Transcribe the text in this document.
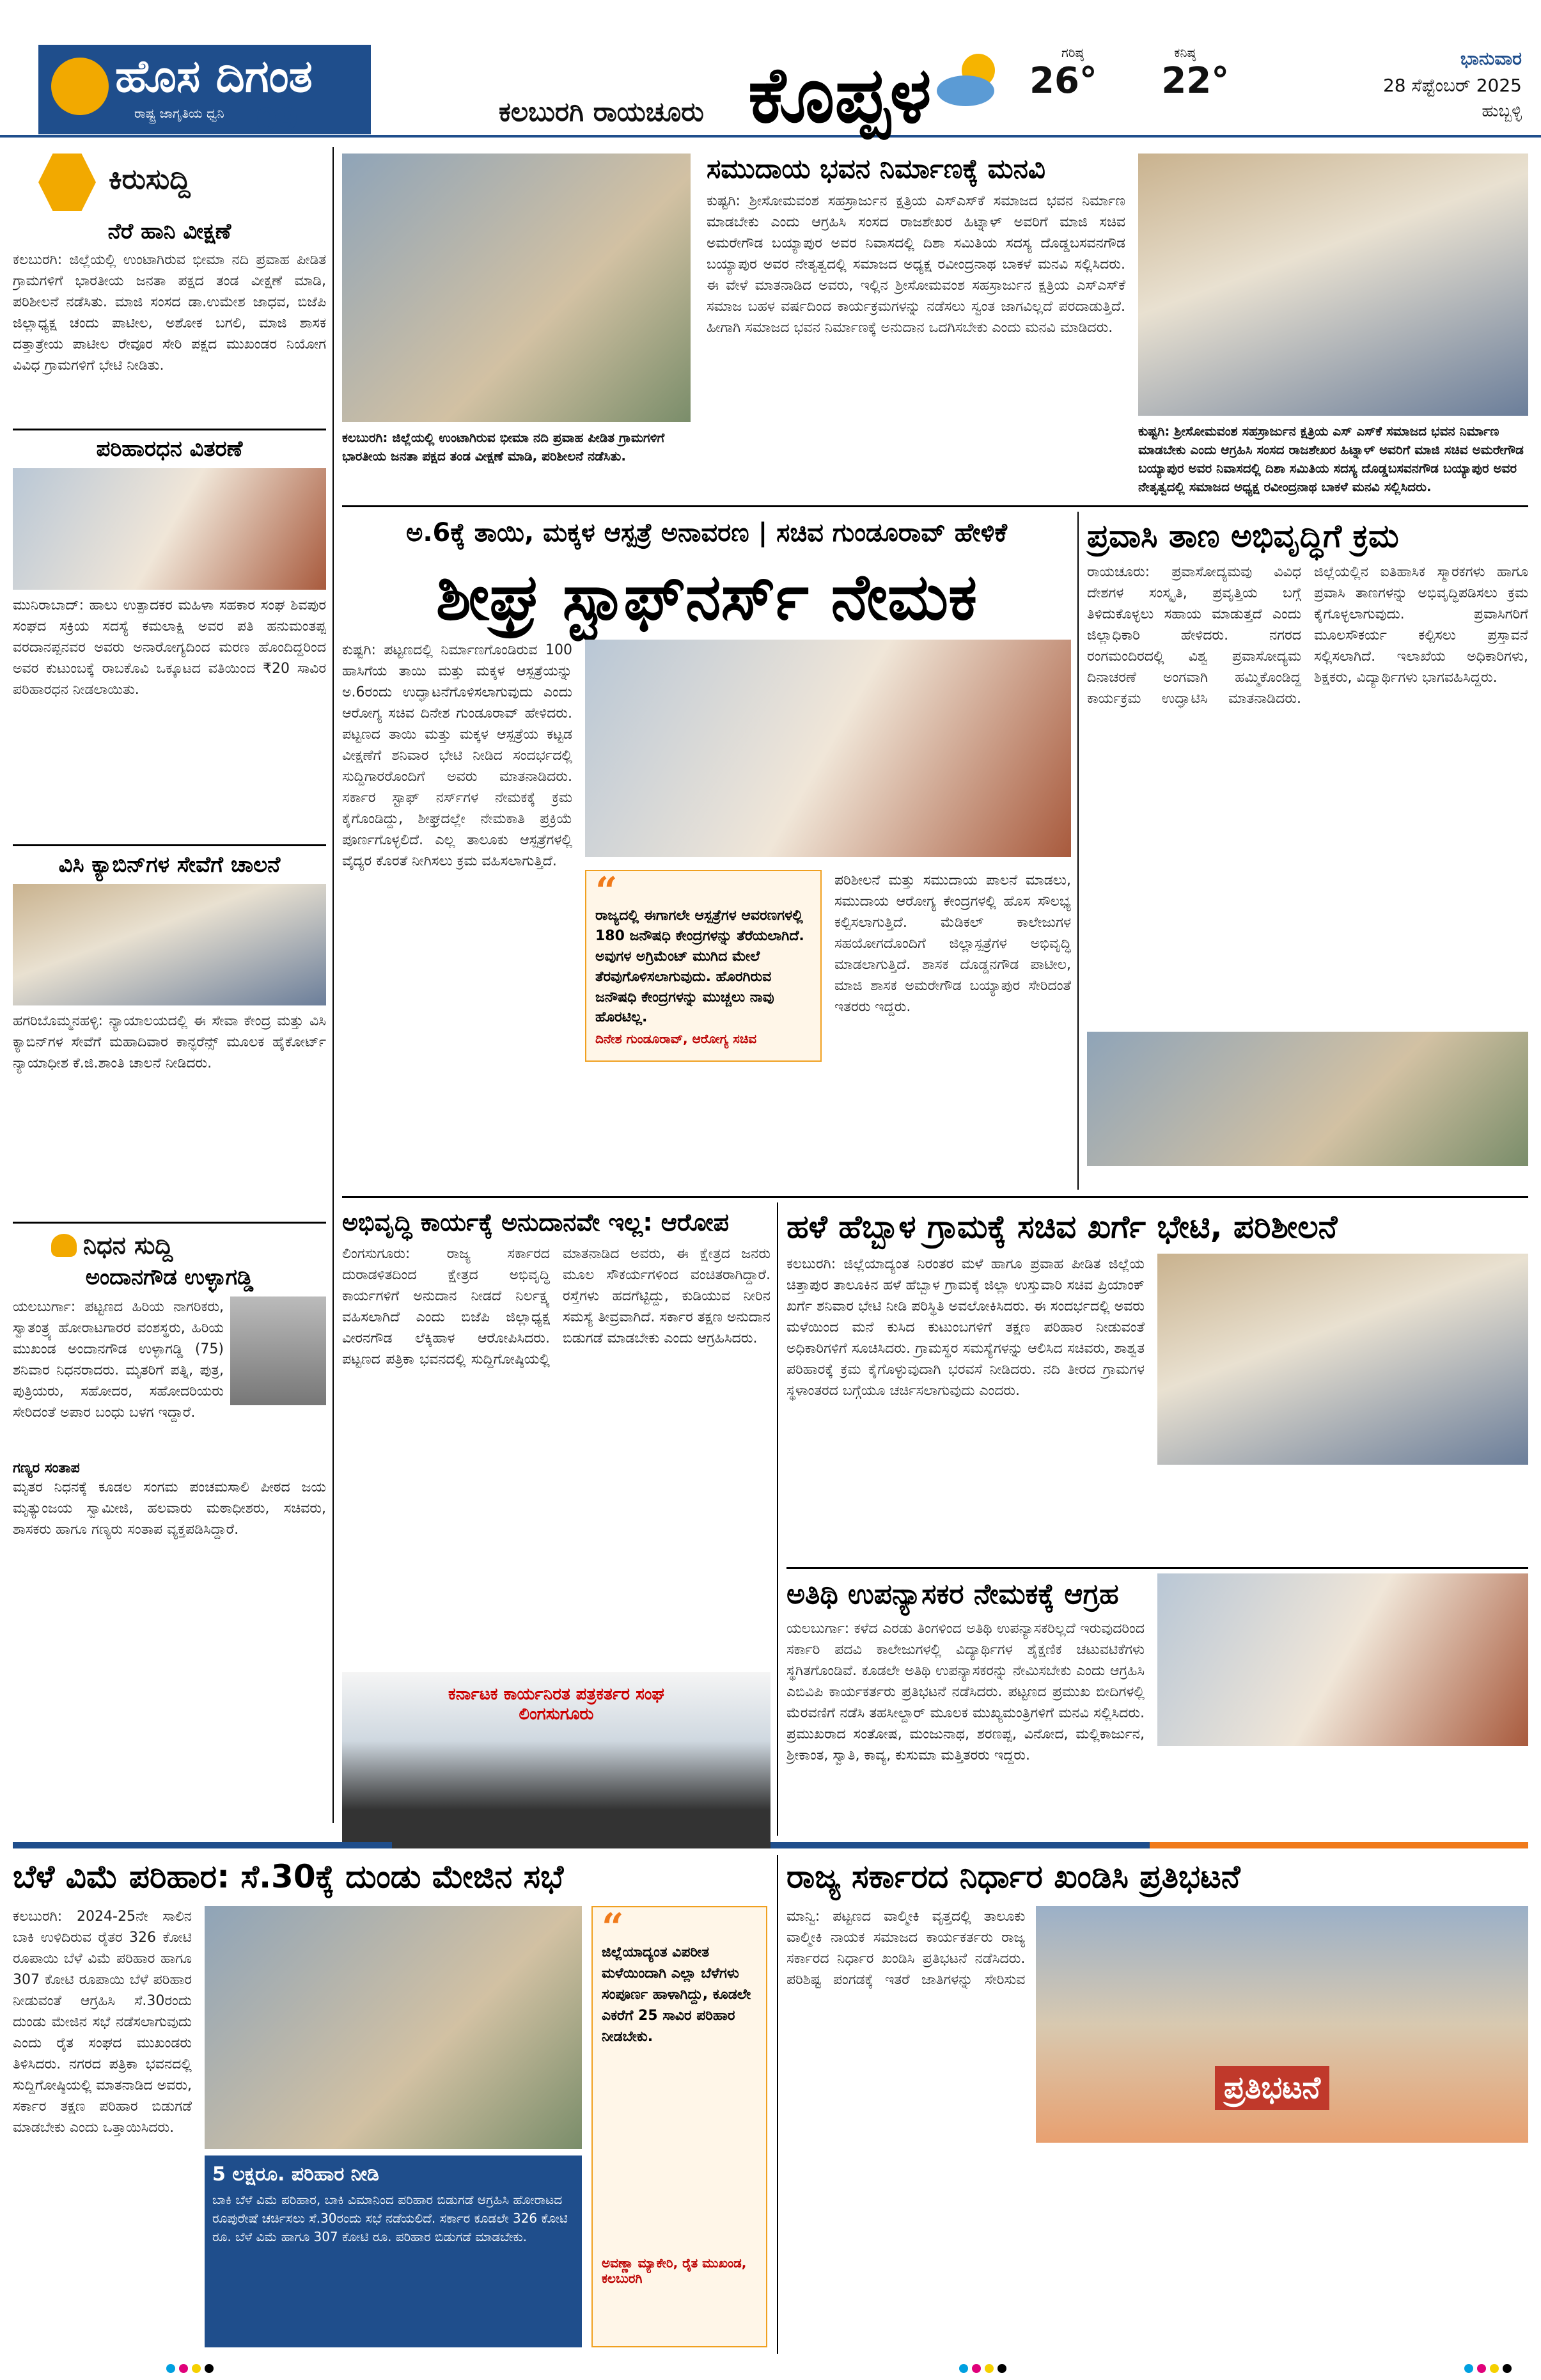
ಹೊಸ ದಿಗಂತ
ರಾಷ್ಟ್ರ ಜಾಗೃತಿಯ ಧ್ವನಿ 09	ಕಲಬುರಗಿ ರಾಯಚೂರು ಕೊಪ್ಪಳ	ಗರಿಷ್ಠ
26°

ಕನಿಷ್ಠ
22°
ಭಾನುವಾರ
28 ಸೆಪ್ಟೆಂಬರ್ 2025
ಹುಬ್ಬಳ್ಳಿ
ಕಿರುಸುದ್ದಿ
ನೆರೆ ಹಾನಿ ವೀಕ್ಷಣೆ
ಕಲಬುರಗಿ: ಜಿಲ್ಲೆಯಲ್ಲಿ ಉಂಟಾಗಿರುವ ಭೀಮಾ ನದಿ ಪ್ರವಾಹ ಪೀಡಿತ ಗ್ರಾಮಗಳಿಗೆ ಭಾರತೀಯ ಜನತಾ ಪಕ್ಷದ ತಂಡ ವೀಕ್ಷಣೆ ಮಾಡಿ, ಪರಿಶೀಲನೆ ನಡೆಸಿತು. ಮಾಜಿ ಸಂಸದ ಡಾ.ಉಮೇಶ ಜಾಧವ, ಬಿಜೆಪಿ ಜಿಲ್ಲಾಧ್ಯಕ್ಷ ಚಂದು ಪಾಟೀಲ, ಅಶೋಕ ಬಗಲಿ, ಮಾಜಿ ಶಾಸಕ ದತ್ತಾತ್ರೇಯ ಪಾಟೀಲ ರೇವೂರ ಸೇರಿ ಪಕ್ಷದ ಮುಖಂಡರ ನಿಯೋಗ ವಿವಿಧ ಗ್ರಾಮಗಳಿಗೆ ಭೇಟಿ ನೀಡಿತು.
ಪರಿಹಾರಧನ ವಿತರಣೆ
ಮುನಿರಾಬಾದ್: ಹಾಲು ಉತ್ಪಾದಕರ ಮಹಿಳಾ ಸಹಕಾರ ಸಂಘ ಶಿವಪುರ ಸಂಘದ ಸಕ್ರಿಯ ಸದಸ್ಯೆ ಕಮಲಾಕ್ಷಿ ಅವರ ಪತಿ ಹನುಮಂತಪ್ಪ ವರದಾನಪ್ಪನವರ ಅವರು ಅನಾರೋಗ್ಯದಿಂದ ಮರಣ ಹೊಂದಿದ್ದರಿಂದ ಅವರ ಕುಟುಂಬಕ್ಕೆ ರಾಬಕೊವಿ ಒಕ್ಕೂಟದ ವತಿಯಿಂದ ₹20 ಸಾವಿರ ಪರಿಹಾರಧನ ನೀಡಲಾಯಿತು.
ವಿಸಿ ಕ್ಯಾಬಿನ್‌ಗಳ ಸೇವೆಗೆ ಚಾಲನೆ
ಹಗರಿಬೊಮ್ಮನಹಳ್ಳಿ: ನ್ಯಾಯಾಲಯದಲ್ಲಿ ಈ ಸೇವಾ ಕೇಂದ್ರ ಮತ್ತು ವಿಸಿ ಕ್ಯಾಬಿನ್‌ಗಳ ಸೇವೆಗೆ ಮಹಾದಿವಾರ ಕಾನ್ಫರೆನ್ಸ್ ಮೂಲಕ ಹೈಕೋರ್ಟ್ ನ್ಯಾಯಾಧೀಶ ಕೆ.ಜಿ.ಶಾಂತಿ ಚಾಲನೆ ನೀಡಿದರು.
ನಿಧನ ಸುದ್ದಿ
ಅಂದಾನಗೌಡ ಉಳ್ಳಾಗಡ್ಡಿ
ಯಲಬುರ್ಗಾ: ಪಟ್ಟಣದ ಹಿರಿಯ ನಾಗರಿಕರು, ಸ್ವಾತಂತ್ರ್ಯ ಹೋರಾಟಗಾರರ ವಂಶಸ್ಥರು, ಹಿರಿಯ ಮುಖಂಡ ಅಂದಾನಗೌಡ ಉಳ್ಳಾಗಡ್ಡಿ (75) ಶನಿವಾರ ನಿಧನರಾದರು. ಮೃತರಿಗೆ ಪತ್ನಿ, ಪುತ್ರ, ಪುತ್ರಿಯರು, ಸಹೋದರ, ಸಹೋದರಿಯರು ಸೇರಿದಂತೆ ಅಪಾರ ಬಂಧು ಬಳಗ ಇದ್ದಾರೆ.
ಗಣ್ಯರ ಸಂತಾಪ
ಮೃತರ ನಿಧನಕ್ಕೆ ಕೂಡಲ ಸಂಗಮ ಪಂಚಮಸಾಲಿ ಪೀಠದ ಜಯ ಮೃತ್ಯುಂಜಯ ಸ್ವಾಮೀಜಿ, ಹಲವಾರು ಮಠಾಧೀಶರು, ಸಚಿವರು, ಶಾಸಕರು ಹಾಗೂ ಗಣ್ಯರು ಸಂತಾಪ ವ್ಯಕ್ತಪಡಿಸಿದ್ದಾರೆ.
ಕಲಬುರಗಿ: ಜಿಲ್ಲೆಯಲ್ಲಿ ಉಂಟಾಗಿರುವ ಭೀಮಾ ನದಿ ಪ್ರವಾಹ ಪೀಡಿತ ಗ್ರಾಮಗಳಿಗೆ ಭಾರತೀಯ ಜನತಾ ಪಕ್ಷದ ತಂಡ ವೀಕ್ಷಣೆ ಮಾಡಿ, ಪರಿಶೀಲನೆ ನಡೆಸಿತು.
ಸಮುದಾಯ ಭವನ ನಿರ್ಮಾಣಕ್ಕೆ ಮನವಿ
ಕುಷ್ಟಗಿ: ಶ್ರೀಸೋಮವಂಶ ಸಹಸ್ರಾರ್ಜುನ ಕ್ಷತ್ರಿಯ ಎಸ್‌ಎಸ್‌ಕೆ ಸಮಾಜದ ಭವನ ನಿರ್ಮಾಣ ಮಾಡಬೇಕು ಎಂದು ಆಗ್ರಹಿಸಿ ಸಂಸದ ರಾಜಶೇಖರ ಹಿಟ್ನಾಳ್ ಅವರಿಗೆ ಮಾಜಿ ಸಚಿವ ಅಮರೇಗೌಡ ಬಯ್ಯಾಪುರ ಅವರ ನಿವಾಸದಲ್ಲಿ ದಿಶಾ ಸಮಿತಿಯ ಸದಸ್ಯ ದೊಡ್ಡಬಸವನಗೌಡ ಬಯ್ಯಾಪುರ ಅವರ ನೇತೃತ್ವದಲ್ಲಿ ಸಮಾಜದ ಅಧ್ಯಕ್ಷ ರವೀಂದ್ರನಾಥ ಬಾಕಳೆ ಮನವಿ ಸಲ್ಲಿಸಿದರು. ಈ ವೇಳೆ ಮಾತನಾಡಿದ ಅವರು, ಇಲ್ಲಿನ ಶ್ರೀಸೋಮವಂಶ ಸಹಸ್ರಾರ್ಜುನ ಕ್ಷತ್ರಿಯ ಎಸ್‌ಎಸ್‌ಕೆ ಸಮಾಜ ಬಹಳ ವರ್ಷದಿಂದ ಕಾರ್ಯಕ್ರಮಗಳನ್ನು ನಡೆಸಲು ಸ್ವಂತ ಜಾಗವಿಲ್ಲದೆ ಪರದಾಡುತ್ತಿದೆ. ಹೀಗಾಗಿ ಸಮಾಜದ ಭವನ ನಿರ್ಮಾಣಕ್ಕೆ ಅನುದಾನ ಒದಗಿಸಬೇಕು ಎಂದು ಮನವಿ ಮಾಡಿದರು.
ಕುಷ್ಟಗಿ: ಶ್ರೀಸೋಮವಂಶ ಸಹಸ್ರಾರ್ಜುನ ಕ್ಷತ್ರಿಯ ಎಸ್ ಎಸ್‌ಕೆ ಸಮಾಜದ ಭವನ ನಿರ್ಮಾಣ ಮಾಡಬೇಕು ಎಂದು ಆಗ್ರಹಿಸಿ ಸಂಸದ ರಾಜಶೇಖರ ಹಿಟ್ನಾಳ್ ಅವರಿಗೆ ಮಾಜಿ ಸಚಿವ ಅಮರೇಗೌಡ ಬಯ್ಯಾಪುರ ಅವರ ನಿವಾಸದಲ್ಲಿ ದಿಶಾ ಸಮಿತಿಯ ಸದಸ್ಯ ದೊಡ್ಡಬಸವನಗೌಡ ಬಯ್ಯಾಪುರ ಅವರ ನೇತೃತ್ವದಲ್ಲಿ ಸಮಾಜದ ಅಧ್ಯಕ್ಷ ರವೀಂದ್ರನಾಥ ಬಾಕಳೆ ಮನವಿ ಸಲ್ಲಿಸಿದರು.
ಅ.6ಕ್ಕೆ ತಾಯಿ, ಮಕ್ಕಳ ಆಸ್ಪತ್ರೆ ಅನಾವರಣ | ಸಚಿವ ಗುಂಡೂರಾವ್ ಹೇಳಿಕೆ
ಶೀಘ್ರ ಸ್ಟಾಫ್‌ನರ್ಸ್ ನೇಮಕ
ಕುಷ್ಟಗಿ: ಪಟ್ಟಣದಲ್ಲಿ ನಿರ್ಮಾಣಗೊಂಡಿರುವ 100 ಹಾಸಿಗೆಯ ತಾಯಿ ಮತ್ತು ಮಕ್ಕಳ ಆಸ್ಪತ್ರೆಯನ್ನು ಅ.6ರಂದು ಉದ್ಘಾಟನೆಗೊಳಿಸಲಾಗುವುದು ಎಂದು ಆರೋಗ್ಯ ಸಚಿವ ದಿನೇಶ ಗುಂಡೂರಾವ್ ಹೇಳಿದರು. ಪಟ್ಟಣದ ತಾಯಿ ಮತ್ತು ಮಕ್ಕಳ ಆಸ್ಪತ್ರೆಯ ಕಟ್ಟಡ ವೀಕ್ಷಣೆಗೆ ಶನಿವಾರ ಭೇಟಿ ನೀಡಿದ ಸಂದರ್ಭದಲ್ಲಿ ಸುದ್ದಿಗಾರರೊಂದಿಗೆ ಅವರು ಮಾತನಾಡಿದರು. ಸರ್ಕಾರ ಸ್ಟಾಫ್ ನರ್ಸ್‌ಗಳ ನೇಮಕಕ್ಕೆ ಕ್ರಮ ಕೈಗೊಂಡಿದ್ದು, ಶೀಘ್ರದಲ್ಲೇ ನೇಮಕಾತಿ ಪ್ರಕ್ರಿಯೆ ಪೂರ್ಣಗೊಳ್ಳಲಿದೆ. ಎಲ್ಲ ತಾಲೂಕು ಆಸ್ಪತ್ರೆಗಳಲ್ಲಿ ವೈದ್ಯರ ಕೊರತೆ ನೀಗಿಸಲು ಕ್ರಮ ವಹಿಸಲಾಗುತ್ತಿದೆ.
“
ರಾಜ್ಯದಲ್ಲಿ ಈಗಾಗಲೇ ಆಸ್ಪತ್ರೆಗಳ ಆವರಣಗಳಲ್ಲಿ 180 ಜನೌಷಧಿ ಕೇಂದ್ರಗಳನ್ನು ತೆರೆಯಲಾಗಿದೆ. ಅವುಗಳ ಅಗ್ರಿಮೆಂಟ್ ಮುಗಿದ ಮೇಲೆ ತೆರವುಗೊಳಿಸಲಾಗುವುದು. ಹೊರಗಿರುವ ಜನೌಷಧಿ ಕೇಂದ್ರಗಳನ್ನು ಮುಚ್ಚಲು ನಾವು ಹೊರಟಿಲ್ಲ.
ದಿನೇಶ ಗುಂಡೂರಾವ್, ಆರೋಗ್ಯ ಸಚಿವ
ಪರಿಶೀಲನೆ ಮತ್ತು ಸಮುದಾಯ ಪಾಲನೆ ಮಾಡಲು, ಸಮುದಾಯ ಆರೋಗ್ಯ ಕೇಂದ್ರಗಳಲ್ಲಿ ಹೊಸ ಸೌಲಭ್ಯ ಕಲ್ಪಿಸಲಾಗುತ್ತಿದೆ. ಮೆಡಿಕಲ್ ಕಾಲೇಜುಗಳ ಸಹಯೋಗದೊಂದಿಗೆ ಜಿಲ್ಲಾಸ್ಪತ್ರೆಗಳ ಅಭಿವೃದ್ಧಿ ಮಾಡಲಾಗುತ್ತಿದೆ. ಶಾಸಕ ದೊಡ್ಡನಗೌಡ ಪಾಟೀಲ, ಮಾಜಿ ಶಾಸಕ ಅಮರೇಗೌಡ ಬಯ್ಯಾಪುರ ಸೇರಿದಂತೆ ಇತರರು ಇದ್ದರು.
ಪ್ರವಾಸಿ ತಾಣ ಅಭಿವೃದ್ಧಿಗೆ ಕ್ರಮ
ರಾಯಚೂರು: ಪ್ರವಾಸೋದ್ಯಮವು ವಿವಿಧ ದೇಶಗಳ ಸಂಸ್ಕೃತಿ, ಪ್ರವೃತ್ತಿಯ ಬಗ್ಗೆ ತಿಳಿದುಕೊಳ್ಳಲು ಸಹಾಯ ಮಾಡುತ್ತದೆ ಎಂದು ಜಿಲ್ಲಾಧಿಕಾರಿ ಹೇಳಿದರು. ನಗರದ ರಂಗಮಂದಿರದಲ್ಲಿ ವಿಶ್ವ ಪ್ರವಾಸೋದ್ಯಮ ದಿನಾಚರಣೆ ಅಂಗವಾಗಿ ಹಮ್ಮಿಕೊಂಡಿದ್ದ ಕಾರ್ಯಕ್ರಮ ಉದ್ಘಾಟಿಸಿ ಮಾತನಾಡಿದರು. ಜಿಲ್ಲೆಯಲ್ಲಿನ ಐತಿಹಾಸಿಕ ಸ್ಮಾರಕಗಳು ಹಾಗೂ ಪ್ರವಾಸಿ ತಾಣಗಳನ್ನು ಅಭಿವೃದ್ಧಿಪಡಿಸಲು ಕ್ರಮ ಕೈಗೊಳ್ಳಲಾಗುವುದು. ಪ್ರವಾಸಿಗರಿಗೆ ಮೂಲಸೌಕರ್ಯ ಕಲ್ಪಿಸಲು ಪ್ರಸ್ತಾವನೆ ಸಲ್ಲಿಸಲಾಗಿದೆ. ಇಲಾಖೆಯ ಅಧಿಕಾರಿಗಳು, ಶಿಕ್ಷಕರು, ವಿದ್ಯಾರ್ಥಿಗಳು ಭಾಗವಹಿಸಿದ್ದರು.
ಅಭಿವೃದ್ಧಿ ಕಾರ್ಯಕ್ಕೆ ಅನುದಾನವೇ ಇಲ್ಲ: ಆರೋಪ
ಲಿಂಗಸುಗೂರು: ರಾಜ್ಯ ಸರ್ಕಾರದ ದುರಾಡಳಿತದಿಂದ ಕ್ಷೇತ್ರದ ಅಭಿವೃದ್ಧಿ ಕಾರ್ಯಗಳಿಗೆ ಅನುದಾನ ನೀಡದೆ ನಿರ್ಲಕ್ಷ್ಯ ವಹಿಸಲಾಗಿದೆ ಎಂದು ಬಿಜೆಪಿ ಜಿಲ್ಲಾಧ್ಯಕ್ಷ ವೀರನಗೌಡ ಲೆಕ್ಕಿಹಾಳ ಆರೋಪಿಸಿದರು. ಪಟ್ಟಣದ ಪತ್ರಿಕಾ ಭವನದಲ್ಲಿ ಸುದ್ದಿಗೋಷ್ಠಿಯಲ್ಲಿ ಮಾತನಾಡಿದ ಅವರು, ಈ ಕ್ಷೇತ್ರದ ಜನರು ಮೂಲ ಸೌಕರ್ಯಗಳಿಂದ ವಂಚಿತರಾಗಿದ್ದಾರೆ. ರಸ್ತೆಗಳು ಹದಗೆಟ್ಟಿದ್ದು, ಕುಡಿಯುವ ನೀರಿನ ಸಮಸ್ಯೆ ತೀವ್ರವಾಗಿದೆ. ಸರ್ಕಾರ ತಕ್ಷಣ ಅನುದಾನ ಬಿಡುಗಡೆ ಮಾಡಬೇಕು ಎಂದು ಆಗ್ರಹಿಸಿದರು.
ಕರ್ನಾಟಕ ಕಾರ್ಯನಿರತ ಪತ್ರಕರ್ತರ ಸಂಘ ಲಿಂಗಸುಗೂರು
ಹಳೆ ಹೆಬ್ಬಾಳ ಗ್ರಾಮಕ್ಕೆ ಸಚಿವ ಖರ್ಗೆ ಭೇಟಿ, ಪರಿಶೀಲನೆ
ಕಲಬುರಗಿ: ಜಿಲ್ಲೆಯಾದ್ಯಂತ ನಿರಂತರ ಮಳೆ ಹಾಗೂ ಪ್ರವಾಹ ಪೀಡಿತ ಜಿಲ್ಲೆಯ ಚಿತ್ತಾಪುರ ತಾಲೂಕಿನ ಹಳೆ ಹೆಬ್ಬಾಳ ಗ್ರಾಮಕ್ಕೆ ಜಿಲ್ಲಾ ಉಸ್ತುವಾರಿ ಸಚಿವ ಪ್ರಿಯಾಂಕ್ ಖರ್ಗೆ ಶನಿವಾರ ಭೇಟಿ ನೀಡಿ ಪರಿಸ್ಥಿತಿ ಅವಲೋಕಿಸಿದರು. ಈ ಸಂದರ್ಭದಲ್ಲಿ ಅವರು ಮಳೆಯಿಂದ ಮನೆ ಕುಸಿದ ಕುಟುಂಬಗಳಿಗೆ ತಕ್ಷಣ ಪರಿಹಾರ ನೀಡುವಂತೆ ಅಧಿಕಾರಿಗಳಿಗೆ ಸೂಚಿಸಿದರು. ಗ್ರಾಮಸ್ಥರ ಸಮಸ್ಯೆಗಳನ್ನು ಆಲಿಸಿದ ಸಚಿವರು, ಶಾಶ್ವತ ಪರಿಹಾರಕ್ಕೆ ಕ್ರಮ ಕೈಗೊಳ್ಳುವುದಾಗಿ ಭರವಸೆ ನೀಡಿದರು. ನದಿ ತೀರದ ಗ್ರಾಮಗಳ ಸ್ಥಳಾಂತರದ ಬಗ್ಗೆಯೂ ಚರ್ಚಿಸಲಾಗುವುದು ಎಂದರು.
ಅತಿಥಿ ಉಪನ್ಯಾಸಕರ ನೇಮಕಕ್ಕೆ ಆಗ್ರಹ
ಯಲಬುರ್ಗಾ: ಕಳೆದ ಎರಡು ತಿಂಗಳಿಂದ ಅತಿಥಿ ಉಪನ್ಯಾಸಕರಿಲ್ಲದೆ ಇರುವುದರಿಂದ ಸರ್ಕಾರಿ ಪದವಿ ಕಾಲೇಜುಗಳಲ್ಲಿ ವಿದ್ಯಾರ್ಥಿಗಳ ಶೈಕ್ಷಣಿಕ ಚಟುವಟಿಕೆಗಳು ಸ್ಥಗಿತಗೊಂಡಿವೆ. ಕೂಡಲೇ ಅತಿಥಿ ಉಪನ್ಯಾಸಕರನ್ನು ನೇಮಿಸಬೇಕು ಎಂದು ಆಗ್ರಹಿಸಿ ಎಬಿವಿಪಿ ಕಾರ್ಯಕರ್ತರು ಪ್ರತಿಭಟನೆ ನಡೆಸಿದರು. ಪಟ್ಟಣದ ಪ್ರಮುಖ ಬೀದಿಗಳಲ್ಲಿ ಮೆರವಣಿಗೆ ನಡೆಸಿ ತಹಸೀಲ್ದಾರ್ ಮೂಲಕ ಮುಖ್ಯಮಂತ್ರಿಗಳಿಗೆ ಮನವಿ ಸಲ್ಲಿಸಿದರು. ಪ್ರಮುಖರಾದ ಸಂತೋಷ, ಮಂಜುನಾಥ, ಶರಣಪ್ಪ, ವಿನೋದ, ಮಲ್ಲಿಕಾರ್ಜುನ, ಶ್ರೀಕಾಂತ, ಸ್ವಾತಿ, ಕಾವ್ಯ, ಕುಸುಮಾ ಮತ್ತಿತರರು ಇದ್ದರು.
ಬೆಳೆ ವಿಮೆ ಪರಿಹಾರ: ಸೆ.30ಕ್ಕೆ ದುಂಡು ಮೇಜಿನ ಸಭೆ
ಕಲಬುರಗಿ: 2024-25ನೇ ಸಾಲಿನ ಬಾಕಿ ಉಳಿದಿರುವ ರೈತರ 326 ಕೋಟಿ ರೂಪಾಯಿ ಬೆಳೆ ವಿಮೆ ಪರಿಹಾರ ಹಾಗೂ 307 ಕೋಟಿ ರೂಪಾಯಿ ಬೆಳೆ ಪರಿಹಾರ ನೀಡುವಂತೆ ಆಗ್ರಹಿಸಿ ಸೆ.30ರಂದು ದುಂಡು ಮೇಜಿನ ಸಭೆ ನಡೆಸಲಾಗುವುದು ಎಂದು ರೈತ ಸಂಘದ ಮುಖಂಡರು ತಿಳಿಸಿದರು. ನಗರದ ಪತ್ರಿಕಾ ಭವನದಲ್ಲಿ ಸುದ್ದಿಗೋಷ್ಠಿಯಲ್ಲಿ ಮಾತನಾಡಿದ ಅವರು, ಸರ್ಕಾರ ತಕ್ಷಣ ಪರಿಹಾರ ಬಿಡುಗಡೆ ಮಾಡಬೇಕು ಎಂದು ಒತ್ತಾಯಿಸಿದರು.
5 ಲಕ್ಷರೂ. ಪರಿಹಾರ ನೀಡಿ
ಬಾಕಿ ಬೆಳೆ ವಿಮೆ ಪರಿಹಾರ, ಬಾಕಿ ವಿಮಾನಿಂದ ಪರಿಹಾರ ಬಿಡುಗಡೆ ಆಗ್ರಹಿಸಿ ಹೋರಾಟದ ರೂಪುರೇಷೆ ಚರ್ಚಿಸಲು ಸೆ.30ರಂದು ಸಭೆ ನಡೆಯಲಿದೆ. ಸರ್ಕಾರ ಕೂಡಲೇ 326 ಕೋಟಿ ರೂ. ಬೆಳೆ ವಿಮೆ ಹಾಗೂ 307 ಕೋಟಿ ರೂ. ಪರಿಹಾರ ಬಿಡುಗಡೆ ಮಾಡಬೇಕು.
“
ಜಿಲ್ಲೆಯಾದ್ಯಂತ ವಿಪರೀತ ಮಳೆಯಿಂದಾಗಿ ಎಲ್ಲಾ ಬೆಳೆಗಳು ಸಂಪೂರ್ಣ ಹಾಳಾಗಿದ್ದು, ಕೂಡಲೇ ಎಕರೆಗೆ 25 ಸಾವಿರ ಪರಿಹಾರ ನೀಡಬೇಕು.
ಅವಣ್ಣಾ ಮ್ಯಾಕೇರಿ, ರೈತ ಮುಖಂಡ, ಕಲಬುರಗಿ
ರಾಜ್ಯ ಸರ್ಕಾರದ ನಿರ್ಧಾರ ಖಂಡಿಸಿ ಪ್ರತಿಭಟನೆ
ಮಾನ್ವಿ: ಪಟ್ಟಣದ ವಾಲ್ಮೀಕಿ ವೃತ್ತದಲ್ಲಿ ತಾಲೂಕು ವಾಲ್ಮೀಕಿ ನಾಯಕ ಸಮಾಜದ ಕಾರ್ಯಕರ್ತರು ರಾಜ್ಯ ಸರ್ಕಾರದ ನಿರ್ಧಾರ ಖಂಡಿಸಿ ಪ್ರತಿಭಟನೆ ನಡೆಸಿದರು. ಪರಿಶಿಷ್ಟ ಪಂಗಡಕ್ಕೆ ಇತರೆ ಜಾತಿಗಳನ್ನು ಸೇರಿಸುವ
ಪ್ರತಿಭಟನೆ
